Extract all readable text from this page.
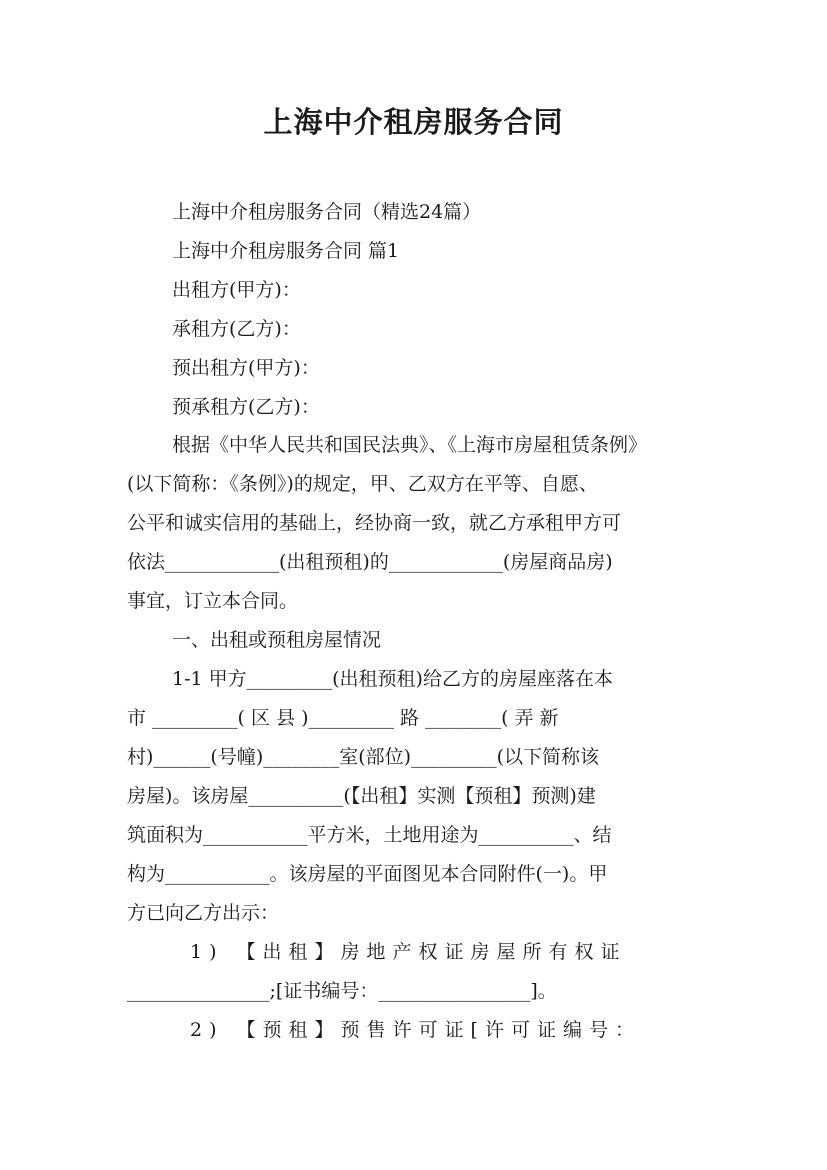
上海中介租房服务合同
上海中介租房服务合同（精选24篇）
上海中介租房服务合同 篇1
出租方(甲方)：
承租方(乙方)：
预出租方(甲方)：
预承租方(乙方)：
根据《中华人民共和国民法典》、《上海市房屋租赁条例》
(以下简称：《条例》)的规定，甲、乙双方在平等、自愿、
公平和诚实信用的基础上，经协商一致，就乙方承租甲方可
依法____________(出租预租)的____________(房屋商品房)
事宜，订立本合同。
一、出租或预租房屋情况
1-1 甲方_________(出租预租)给乙方的房屋座落在本
市 _________( 区 县 )_________ 路 ________( 弄 新
村)______(号幢)________室(部位)_________(以下简称该
房屋)。该房屋__________(【出租】实测【预租】预测)建
筑面积为___________平方米，土地用途为__________、结
构为___________。该房屋的平面图见本合同附件(一)。甲
方已向乙方出示：
1) 【出租】房地产权证房屋所有权证
_______________;[证书编号：________________]。
2) 【预租】预售许可证[许可证编号：
